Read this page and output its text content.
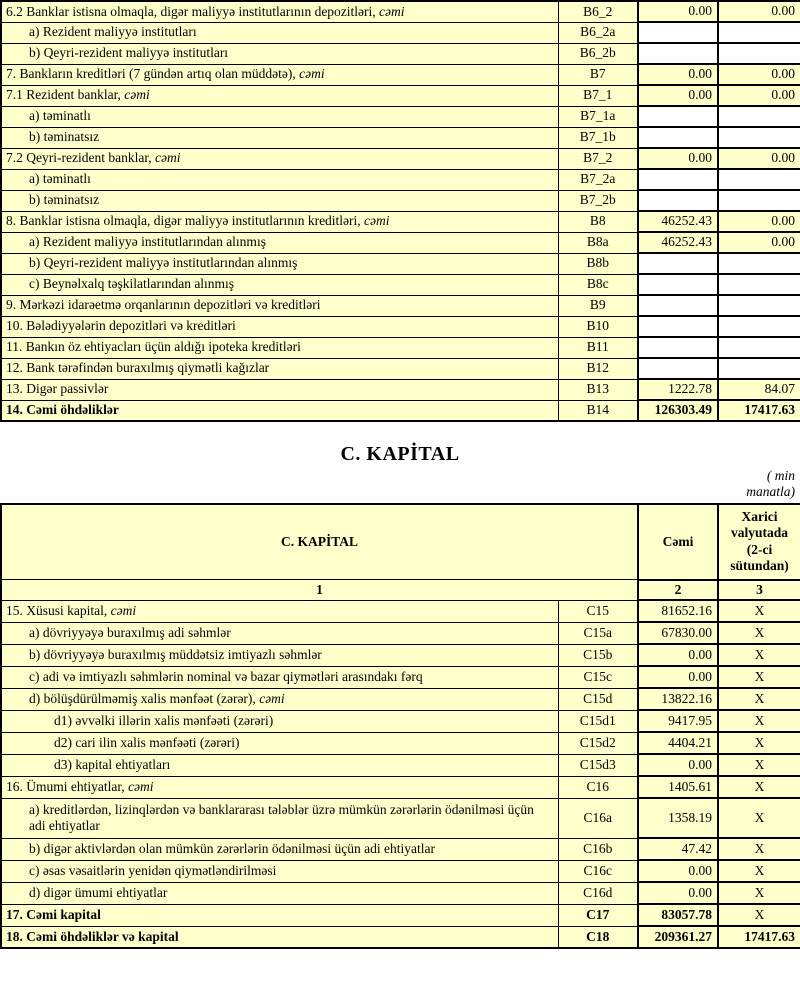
6.2 Banklar istisna olmaqla, digər maliyyə institutlarının depozitləri, cəmi	B6_2	0.00	0.00
a) Rezident maliyyə institutları	B6_2a		
b) Qeyri-rezident maliyyə institutları	B6_2b		
7. Bankların kreditləri (7 gündən artıq olan müddətə), cəmi	B7	0.00	0.00
7.1 Rezident banklar, cəmi	B7_1	0.00	0.00
a) təminatlı	B7_1a		
b) təminatsız	B7_1b		
7.2 Qeyri-rezident banklar, cəmi	B7_2	0.00	0.00
a) təminatlı	B7_2a		
b) təminatsız	B7_2b		
8. Banklar istisna olmaqla, digər maliyyə institutlarının kreditləri, cəmi	B8	46252.43	0.00
a) Rezident maliyyə institutlarından alınmış	B8a	46252.43	0.00
b) Qeyri-rezident maliyyə institutlarından alınmış	B8b		
c) Beynəlxalq təşkilatlarından alınmış	B8c		
9. Mərkəzi idarəetmə orqanlarının depozitləri və kreditləri	B9		
10. Bələdiyyələrin depozitləri və kreditləri	B10		
11. Bankın öz ehtiyacları üçün aldığı ipoteka kreditləri	B11		
12. Bank tərəfindən buraxılmış qiymətli kağızlar	B12		
13. Digər passivlər	B13	1222.78	84.07
14. Cəmi öhdəliklər	B14	126303.49	17417.63
C. KAPİTAL
( min
manatla)
C. KAPİTAL		Cəmi	Xarici valyutada (2-ci sütundan)
1		2	3
15. Xüsusi kapital, cəmi	C15	81652.16	X
a) dövriyyəyə buraxılmış adi səhmlər	C15a	67830.00	X
b) dövriyyəyə buraxılmış müddətsiz imtiyazlı səhmlər	C15b	0.00	X
c) adi və imtiyazlı səhmlərin nominal və bazar qiymətləri arasındakı fərq	C15c	0.00	X
d) bölüşdürülməmiş xalis mənfəət (zərər), cəmi	C15d	13822.16	X
d1) əvvəlki illərin xalis mənfəəti (zərəri)	C15d1	9417.95	X
d2) cari ilin xalis mənfəəti (zərəri)	C15d2	4404.21	X
d3) kapital ehtiyatları	C15d3	0.00	X
16. Ümumi ehtiyatlar, cəmi	C16	1405.61	X
a) kreditlərdən, lizinqlərdən və banklararası tələblər üzrə mümkün zərərlərin ödənilməsi üçün adi ehtiyatlar	C16a	1358.19	X
b) digər aktivlərdən olan mümkün zərərlərin ödənilməsi üçün adi ehtiyatlar	C16b	47.42	X
c) əsas vəsaitlərin yenidən qiymətləndirilməsi	C16c	0.00	X
d) digər ümumi ehtiyatlar	C16d	0.00	X
17. Cəmi kapital	C17	83057.78	X
18. Cəmi öhdəliklər və kapital	C18	209361.27	17417.63
